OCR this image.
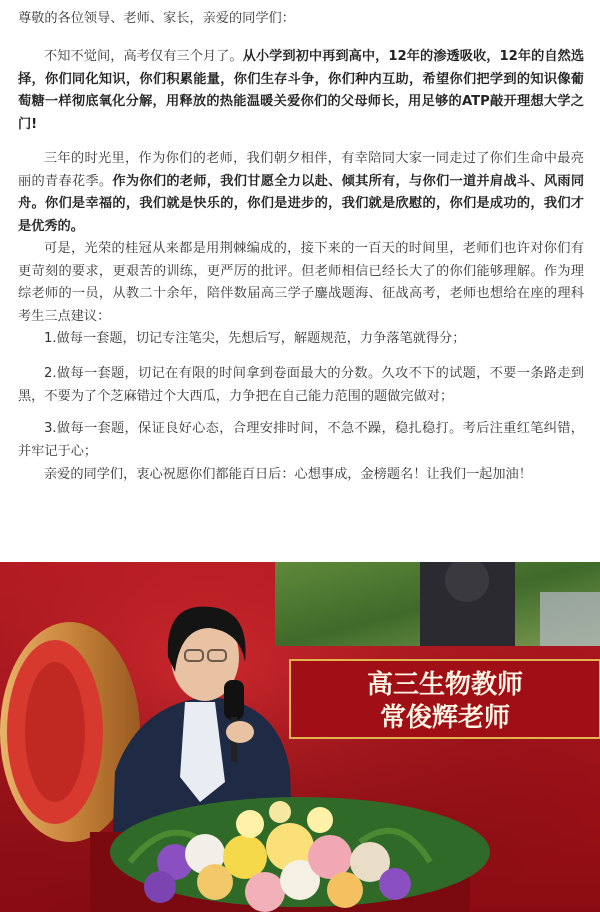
尊敬的各位领导、老师、家长，亲爱的同学们：

不知不觉间，高考仅有三个月了。从小学到初中再到高中，12年的渗透吸收，12年的自然选择，你们同化知识，你们积累能量，你们生存斗争，你们种内互助，希望你们把学到的知识像葡萄糖一样彻底氧化分解，用释放的热能温暖关爱你们的父母师长，用足够的ATP敲开理想大学之门!

三年的时光里，作为你们的老师，我们朝夕相伴，有幸陪同大家一同走过了你们生命中最亮丽的青春花季。作为你们的老师，我们甘愿全力以赴、倾其所有，与你们一道并肩战斗、风雨同舟。你们是幸福的，我们就是快乐的，你们是进步的，我们就是欣慰的，你们是成功的，我们才是优秀的。

可是，光荣的桂冠从来都是用荆棘编成的，接下来的一百天的时间里，老师们也许对你们有更苛刻的要求，更艰苦的训练，更严厉的批评。但老师相信已经长大了的你们能够理解。作为理综老师的一员，从教二十余年，陪伴数届高三学子鏖战题海、征战高考，老师也想给在座的理科考生三点建议：

1.做每一套题，切记专注笔尖，先想后写，解题规范，力争落笔就得分；

2.做每一套题，切记在有限的时间拿到卷面最大的分数。久攻不下的试题，不要一条路走到黑，不要为了个芝麻错过个大西瓜，力争把在自己能力范围的题做完做对；

3.做每一套题，保证良好心态，合理安排时间，不急不躁，稳扎稳打。考后注重红笔纠错，并牢记于心；

亲爱的同学们，衷心祝愿你们都能百日后：心想事成，金榜题名！让我们一起加油！

高三生物教师
常俊辉老师
